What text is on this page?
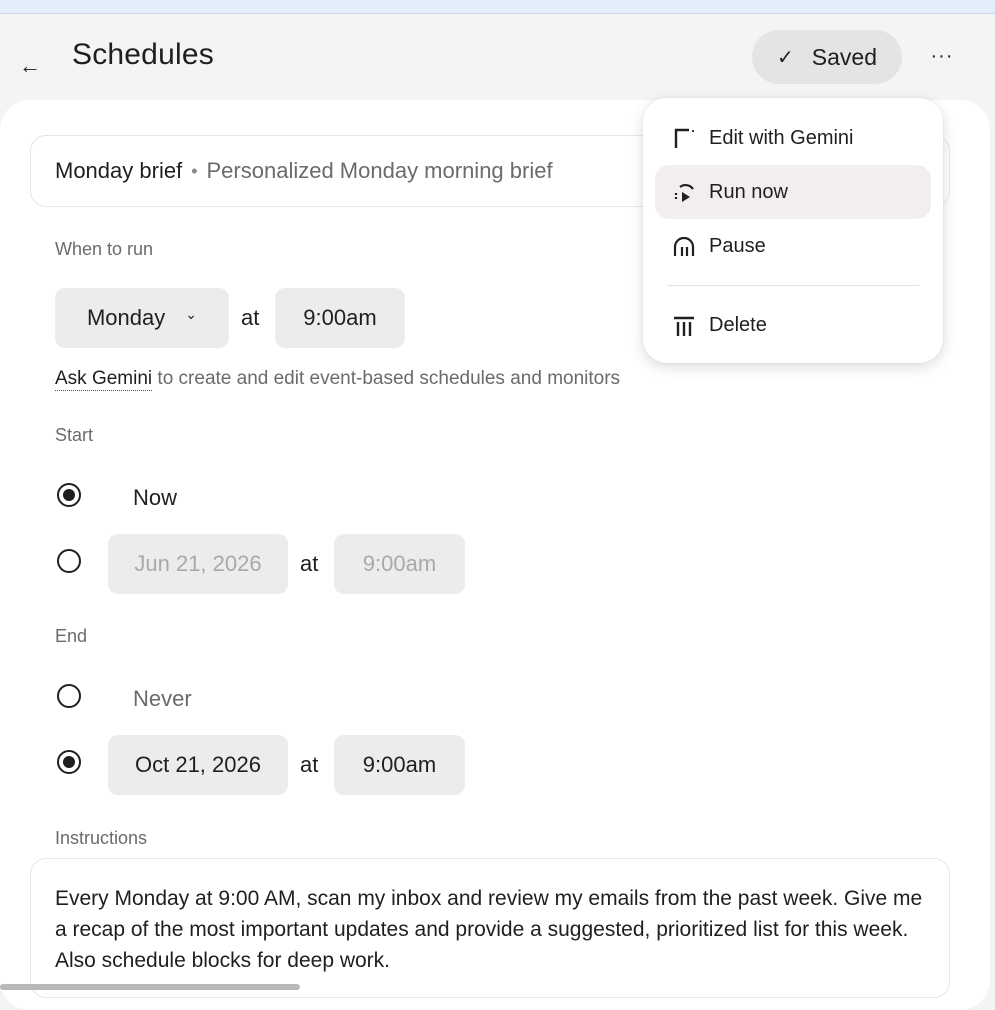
← Schedules	✓ Saved	···
Monday brief • Personalized Monday morning brief
When to run
Monday ⌄ at	9:00am
Ask Gemini to create and edit event-based schedules and monitors
Start
Now
Jun 21, 2026	at	9:00am
End
Never
Oct 21, 2026	at	9:00am
Instructions
Every Monday at 9:00 AM, scan my inbox and review my emails from the past week. Give me a recap of the most important updates and provide a suggested, prioritized list for this week. Also schedule blocks for deep work.
Edit with Gemini
Run now
Pause
Delete
